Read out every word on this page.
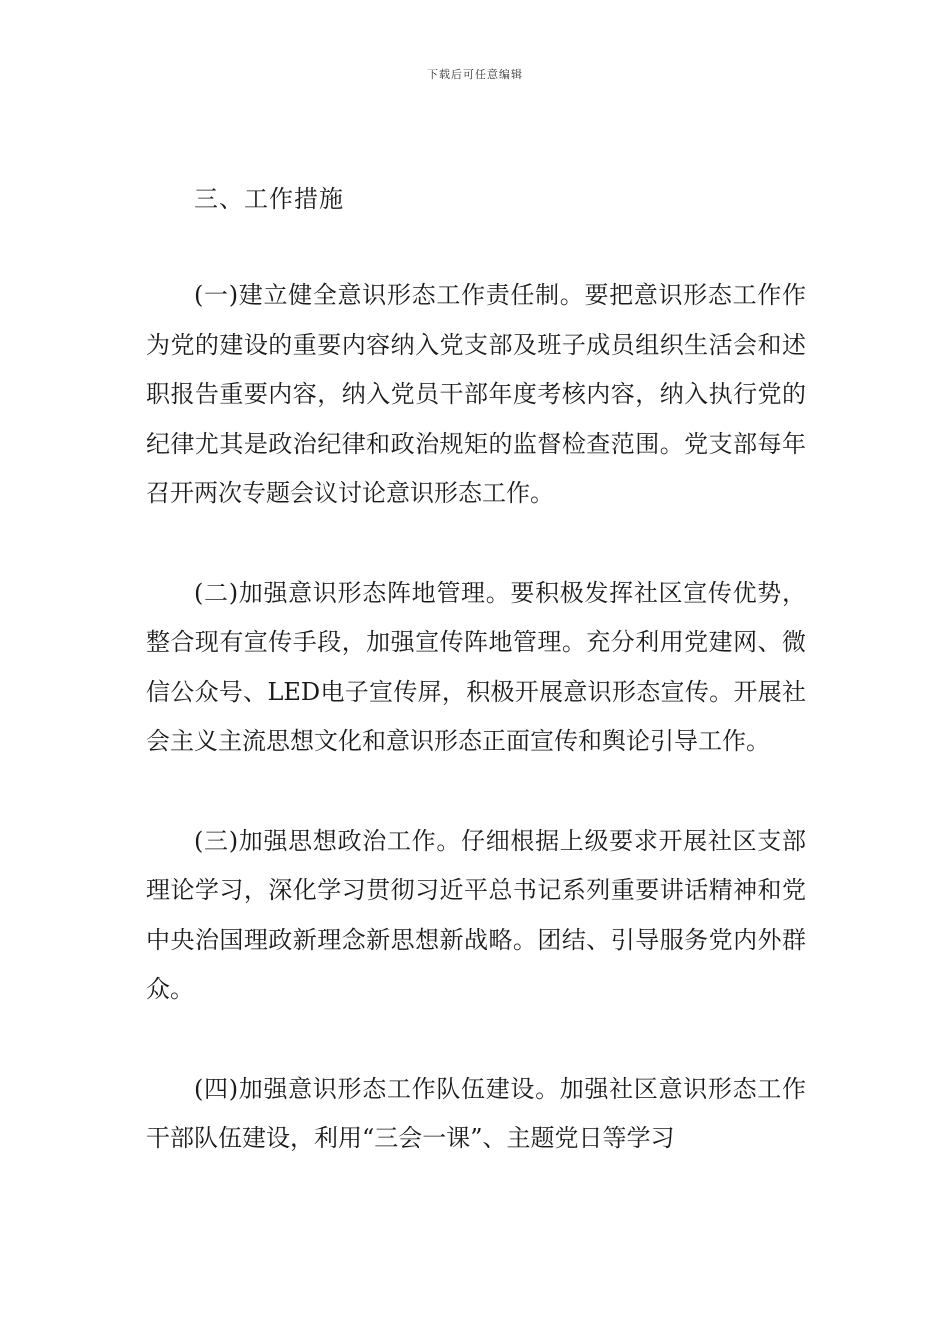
下载后可任意编辑
三、工作措施

(一)建立健全意识形态工作责任制。要把意识形态工作作为党的建设的重要内容纳入党支部及班子成员组织生活会和述职报告重要内容，纳入党员干部年度考核内容，纳入执行党的纪律尤其是政治纪律和政治规矩的监督检查范围。党支部每年召开两次专题会议讨论意识形态工作。

(二)加强意识形态阵地管理。要积极发挥社区宣传优势，整合现有宣传手段，加强宣传阵地管理。充分利用党建网、微信公众号、LED电子宣传屏，积极开展意识形态宣传。开展社会主义主流思想文化和意识形态正面宣传和舆论引导工作。

(三)加强思想政治工作。仔细根据上级要求开展社区支部理论学习，深化学习贯彻习近平总书记系列重要讲话精神和党中央治国理政新理念新思想新战略。团结、引导服务党内外群众。

(四)加强意识形态工作队伍建设。加强社区意识形态工作干部队伍建设，利用“三会一课”、主题党日等学习
